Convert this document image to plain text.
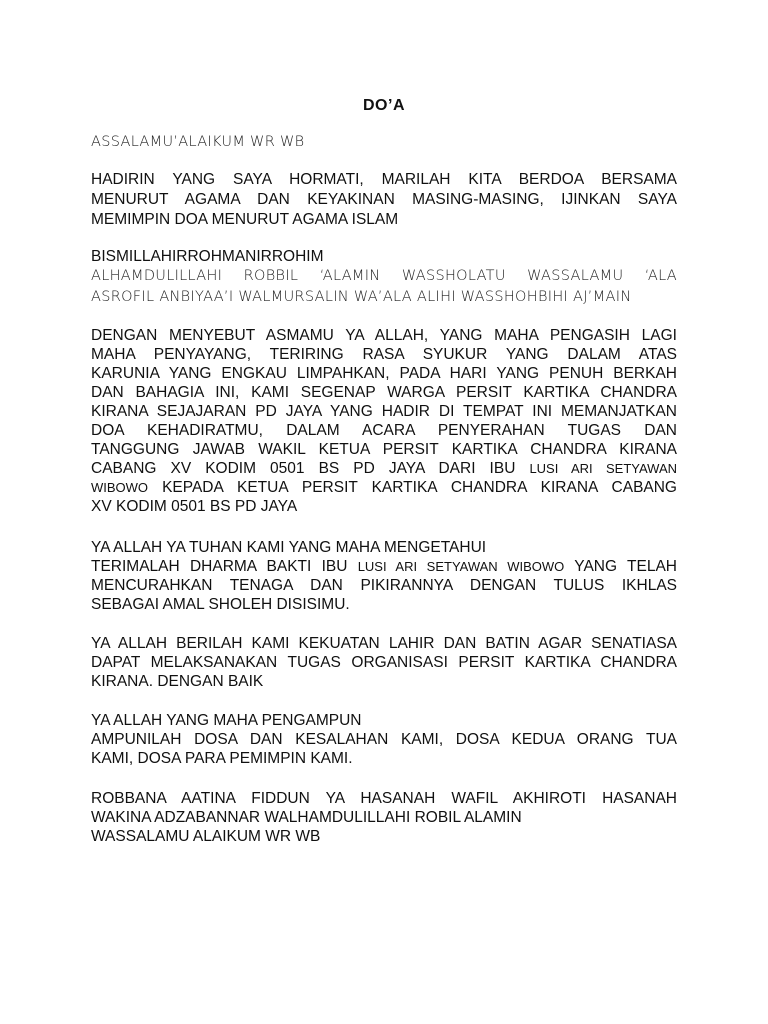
DO’A
ASSALAMU’ALAIKUM WR WB
HADIRIN YANG SAYA HORMATI, MARILAH KITA BERDOA BERSAMA
MENURUT AGAMA DAN KEYAKINAN MASING-MASING, IJINKAN SAYA
MEMIMPIN DOA MENURUT AGAMA ISLAM
BISMILLAHIRROHMANIRROHIM
ALHAMDULILLAHI ROBBIL ‘ALAMIN WASSHOLATU WASSALAMU ‘ALA
ASROFIL ANBIYAA’I WALMURSALIN WA’ALA ALIHI WASSHOHBIHI AJ’MAIN
DENGAN MENYEBUT ASMAMU YA ALLAH, YANG MAHA PENGASIH LAGI
MAHA PENYAYANG, TERIRING RASA SYUKUR YANG DALAM ATAS
KARUNIA YANG ENGKAU LIMPAHKAN, PADA HARI YANG PENUH BERKAH
DAN BAHAGIA INI, KAMI SEGENAP WARGA PERSIT KARTIKA CHANDRA
KIRANA SEJAJARAN PD JAYA YANG HADIR DI TEMPAT INI MEMANJATKAN
DOA KEHADIRATMU, DALAM ACARA PENYERAHAN TUGAS DAN
TANGGUNG JAWAB WAKIL KETUA PERSIT KARTIKA CHANDRA KIRANA
CABANG XV KODIM 0501 BS PD JAYA DARI IBU LUSI ARI SETYAWAN
WIBOWO KEPADA KETUA PERSIT KARTIKA CHANDRA KIRANA CABANG
XV KODIM 0501 BS PD JAYA
YA ALLAH YA TUHAN KAMI YANG MAHA MENGETAHUI
TERIMALAH DHARMA BAKTI IBU LUSI ARI SETYAWAN WIBOWO YANG TELAH
MENCURAHKAN TENAGA DAN PIKIRANNYA DENGAN TULUS IKHLAS
SEBAGAI AMAL SHOLEH DISISIMU.
YA ALLAH BERILAH KAMI KEKUATAN LAHIR DAN BATIN AGAR SENATIASA
DAPAT MELAKSANAKAN TUGAS ORGANISASI PERSIT KARTIKA CHANDRA
KIRANA. DENGAN BAIK
YA ALLAH YANG MAHA PENGAMPUN
AMPUNILAH DOSA DAN KESALAHAN KAMI, DOSA KEDUA ORANG TUA
KAMI, DOSA PARA PEMIMPIN KAMI.
ROBBANA AATINA FIDDUN YA HASANAH WAFIL AKHIROTI HASANAH
WAKINA ADZABANNAR WALHAMDULILLAHI ROBIL ALAMIN
WASSALAMU ALAIKUM WR WB
